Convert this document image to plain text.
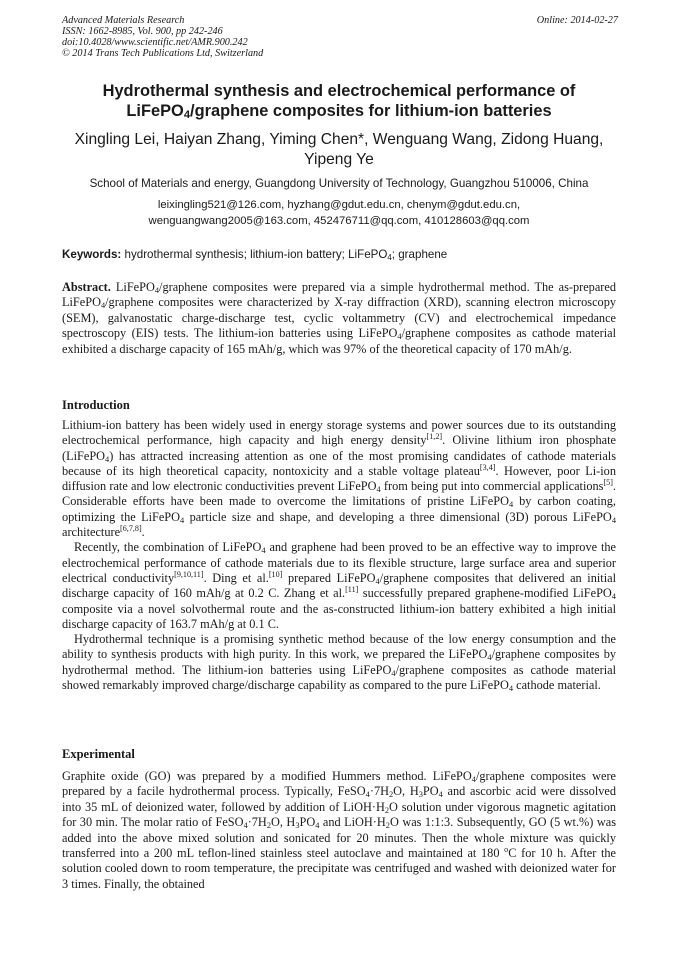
Advanced Materials Research
ISSN: 1662-8985, Vol. 900, pp 242-246
doi:10.4028/www.scientific.net/AMR.900.242
© 2014 Trans Tech Publications Ltd, Switzerland
Online: 2014-02-27
Hydrothermal synthesis and electrochemical performance of
LiFePO$_4$/graphene composites for lithium-ion batteries
Xingling Lei, Haiyan Zhang, Yiming Chen*, Wenguang Wang, Zidong Huang,
Yipeng Ye
School of Materials and energy, Guangdong University of Technology, Guangzhou 510006, China
leixingling521@126.com, hyzhang@gdut.edu.cn, chenym@gdut.edu.cn,
wenguangwang2005@163.com, 452476711@qq.com, 410128603@qq.com
Keywords: hydrothermal synthesis; lithium-ion battery; LiFePO$_4$; graphene
Abstract. LiFePO$_4$/graphene composites were prepared via a simple hydrothermal method. The as-prepared LiFePO$_4$/graphene composites were characterized by X-ray diffraction (XRD), scanning electron microscopy (SEM), galvanostatic charge-discharge test, cyclic voltammetry (CV) and electrochemical impedance spectroscopy (EIS) tests. The lithium-ion batteries using LiFePO$_4$/graphene composites as cathode material exhibited a discharge capacity of 165 mAh/g, which was 97% of the theoretical capacity of 170 mAh/g.
Introduction

Lithium-ion battery has been widely used in energy storage systems and power sources due to its outstanding electrochemical performance, high capacity and high energy density[1,2]. Olivine lithium iron phosphate (LiFePO$_4$) has attracted increasing attention as one of the most promising candidates of cathode materials because of its high theoretical capacity, nontoxicity and a stable voltage plateau[3,4]. However, poor Li-ion diffusion rate and low electronic conductivities prevent LiFePO$_4$ from being put into commercial applications[5]. Considerable efforts have been made to overcome the limitations of pristine LiFePO$_4$ by carbon coating, optimizing the LiFePO$_4$ particle size and shape, and developing a three dimensional (3D) porous LiFePO$_4$ architecture[6,7,8].

Recently, the combination of LiFePO$_4$ and graphene had been proved to be an effective way to improve the electrochemical performance of cathode materials due to its flexible structure, large surface area and superior electrical conductivity[9,10,11]. Ding et al.[10] prepared LiFePO$_4$/graphene composites that delivered an initial discharge capacity of 160 mAh/g at 0.2 C. Zhang et al.[11] successfully prepared graphene-modified LiFePO$_4$ composite via a novel solvothermal route and the as-constructed lithium-ion battery exhibited a high initial discharge capacity of 163.7 mAh/g at 0.1 C.

Hydrothermal technique is a promising synthetic method because of the low energy consumption and the ability to synthesis products with high purity. In this work, we prepared the LiFePO$_4$/graphene composites by hydrothermal method. The lithium-ion batteries using LiFePO$_4$/graphene composites as cathode material showed remarkably improved charge/discharge capability as compared to the pure LiFePO$_4$ cathode material.

Experimental

Graphite oxide (GO) was prepared by a modified Hummers method. LiFePO$_4$/graphene composites were prepared by a facile hydrothermal process. Typically, $FeSO_4\cdot 7H_2O$, $H_3PO_4$ and ascorbic acid were dissolved into 35 mL of deionized water, followed by addition of $LiOH\cdot H_2O$ solution under vigorous magnetic agitation for 30 min. The molar ratio of $FeSO_4\cdot 7H_2O$, $H_3PO_4$ and $LiOH\cdot H_2O$ was 1:1:3. Subsequently, GO (5 wt.%) was added into the above mixed solution and sonicated for 20 minutes. Then the whole mixture was quickly transferred into a 200 mL teflon-lined stainless steel autoclave and maintained at 180 $^o$C for 10 h. After the solution cooled down to room temperature, the precipitate was centrifuged and washed with deionized water for 3 times. Finally, the obtained
